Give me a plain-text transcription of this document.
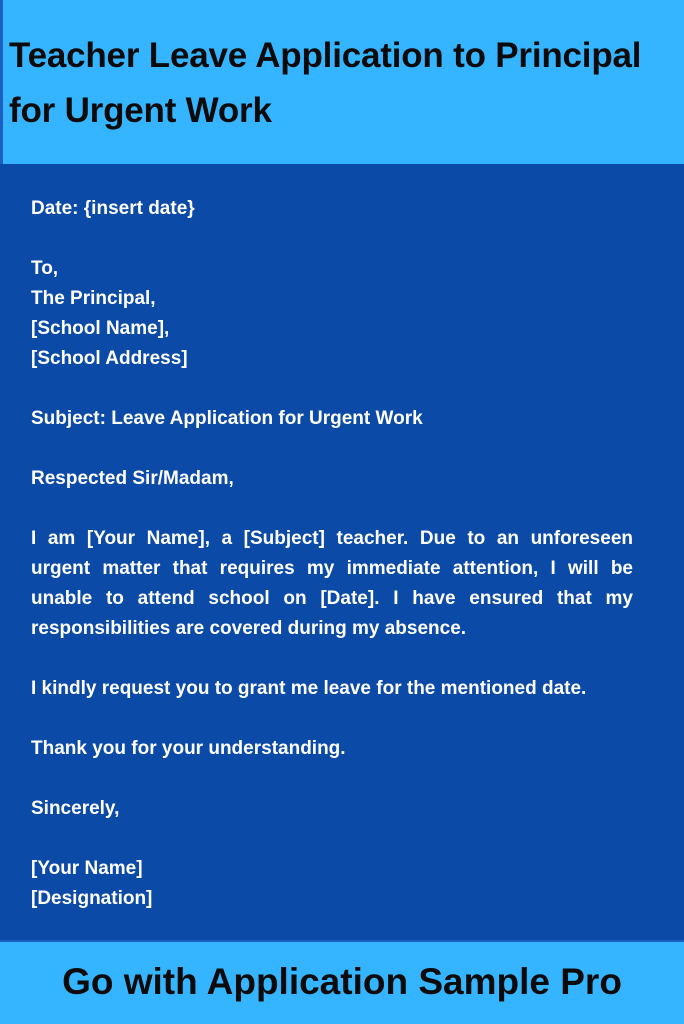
Teacher Leave Application to Principal for Urgent Work

Date: {insert date}

To,

The Principal,

[School Name],

[School Address]

Subject: Leave Application for Urgent Work

Respected Sir/Madam,

I am [Your Name], a [Subject] teacher. Due to an unforeseen urgent matter that requires my immediate attention, I will be unable to attend school on [Date]. I have ensured that my responsibilities are covered during my absence.

I kindly request you to grant me leave for the mentioned date.

Thank you for your understanding.

Sincerely,

[Your Name]

[Designation]

Go with Application Sample Pro
